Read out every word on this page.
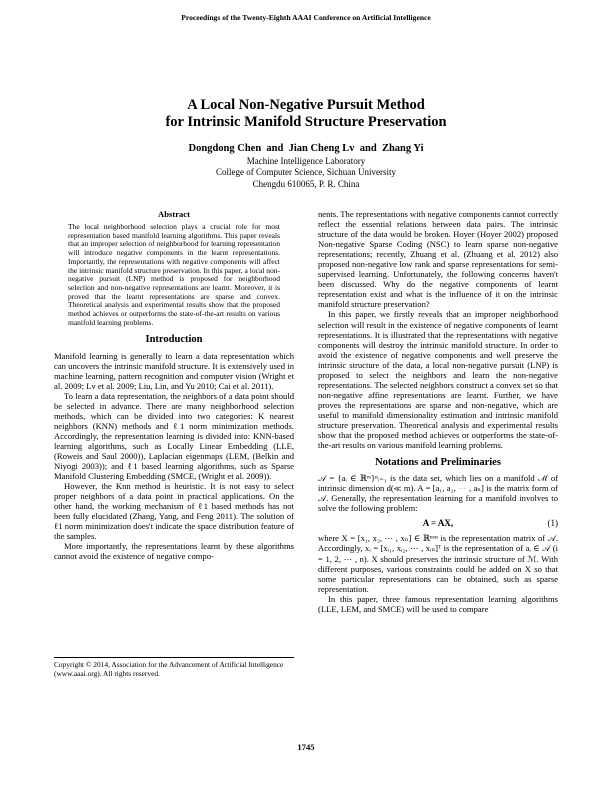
Proceedings of the Twenty-Eighth AAAI Conference on Artificial Intelligence
A Local Non-Negative Pursuit Method
for Intrinsic Manifold Structure Preservation
Dongdong Chen  and  Jian Cheng Lv  and  Zhang Yi
Machine Intelligence Laboratory
College of Computer Science, Sichuan University
Chengdu 610065, P. R. China
Abstract
The local neighborhood selection plays a crucial role for most representation based manifold learning algorithms. This paper reveals that an improper selection of neighborhood for learning representation will introduce negative components in the learnt representations. Importantly, the representations with negative components will affect the intrinsic manifold structure preservation. In this paper, a local non-negative pursuit (LNP) method is proposed for neighborhood selection and non-negative representations are learnt. Moreover, it is proved that the learnt representations are sparse and convex. Theoretical analysis and experimental results show that the proposed method achieves or outperforms the state-of-the-art results on various manifold learning problems.
Introduction

Manifold learning is generally to learn a data representation which can uncovers the intrinsic manifold structure. It is extensively used in machine learning, pattern recognition and computer vision (Wright et al. 2009; Lv et al. 2009; Liu, Lin, and Yu 2010; Cai et al. 2011).

To learn a data representation, the neighbors of a data point should be selected in advance. There are many neighborhood selection methods, which can be divided into two categories: K nearest neighbors (KNN) methods and ℓ1 norm minimization methods. Accordingly, the representation learning is divided into: KNN-based learning algorithms, such as Locally Linear Embedding (LLE, (Roweis and Saul 2000)), Laplacian eigenmaps (LEM, (Belkin and Niyogi 2003)); and ℓ1 based learning algorithms, such as Sparse Manifold Clustering Embedding (SMCE, (Wright et al. 2009)).

However, the Knn method is heuristic. It is not easy to select proper neighbors of a data point in practical applications. On the other hand, the working mechanism of ℓ1 based methods has not been fully elucidated (Zhang, Yang, and Feng 2011). The solution of ℓ1 norm minimization does't indicate the space distribution feature of the samples.

More importantly, the representations learnt by these algorithms cannot avoid the existence of negative compo-

Copyright © 2014, Association for the Advancement of Artificial Intelligence (www.aaai.org). All rights reserved.

nents. The representations with negative components cannot correctly reflect the essential relations between data pairs. The intrinsic structure of the data would be broken. Hoyer (Hoyer 2002) proposed Non-negative Sparse Coding (NSC) to learn sparse non-negative representations; recently, Zhuang et al. (Zhuang et al. 2012) also proposed non-negative low rank and sparse representations for semi-supervised learning. Unfortunately, the following concerns haven't been discussed. Why do the negative components of learnt representation exist and what is the influence of it on the intrinsic manifold structure preservation?

In this paper, we firstly reveals that an improper neighborhood selection will result in the existence of negative components of learnt representations. It is illustrated that the representations with negative components will destroy the intrinsic manifold structure. In order to avoid the existence of negative components and well preserve the intrinsic structure of the data, a local non-negative pursuit (LNP) is proposed to select the neighbors and learn the non-negative representations. The selected neighbors construct a convex set so that non-negative affine representations are learnt. Further, we have proves the representations are sparse and non-negative, which are useful to manifold dimensionality estimation and intrinsic manifold structure preservation. Theoretical analysis and experimental results show that the proposed method achieves or outperforms the state-of-the-art results on various manifold learning problems.

Notations and Preliminaries

𝒜 = {aᵢ ∈ ℝᵐ}ⁿᵢ₌₁ is the data set, which lies on a manifold ℳ of intrinsic dimension d(≪ m). A = [a₁, a₂, ⋯ , aₙ] is the matrix form of 𝒜. Generally, the representation learning for a manifold involves to solve the following problem:

A = AX,	(1)

where X = [x₁, x₂, ⋯ , xₙ] ∈ ℝⁿˣⁿ is the representation matrix of 𝒜. Accordingly, xᵢ = [xᵢ₁, xᵢ₂, ⋯ , xᵢₙ]ᵀ is the representation of aᵢ ∈ 𝒜 (i = 1, 2, ⋯ , n). X should preserves the intrinsic structure of ℳ. With different purposes, various constraints could be added on X so that some particular representations can be obtained, such as sparse representation.

In this paper, three famous representation learning algorithms (LLE, LEM, and SMCE) will be used to compare

1745
